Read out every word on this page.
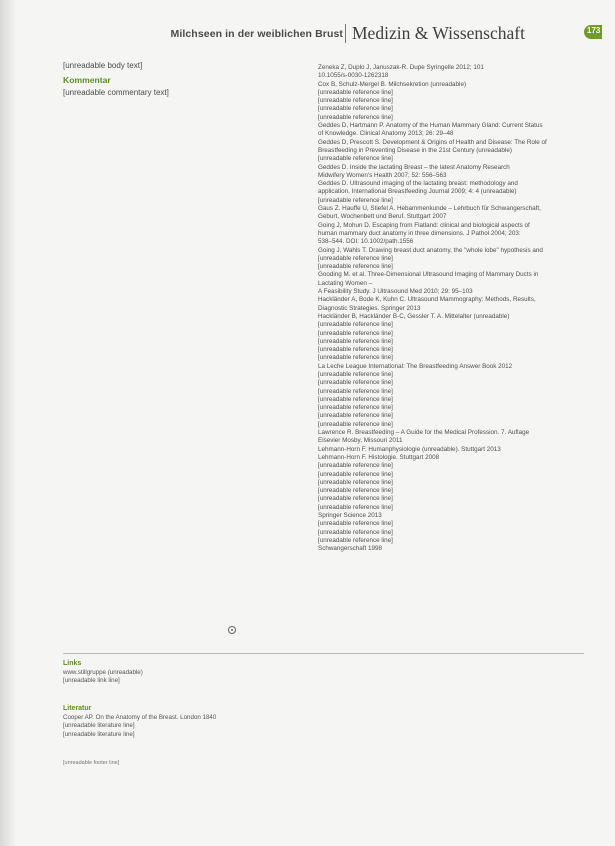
Milchseen in der weiblichen Brust Medizin & Wissenschaft	173

[unreadable body text]

Kommentar

[unreadable commentary text]

Zeneka Z, Duplo J, Januszak-R. Dupe Syringelle 2012; 101
10.1055/s-0030-1262318
Cox B, Schulz-Mergel B. Milchsekretion (unreadable)
[unreadable reference line]
[unreadable reference line]
[unreadable reference line]
[unreadable reference line]
Geddes D, Hartmann P. Anatomy of the Human Mammary Gland: Current Status
of Knowledge. Clinical Anatomy 2013; 26: 29–48
Geddes D, Prescott S. Development & Origins of Health and Disease: The Role of
Breastfeeding in Preventing Disease in the 21st Century (unreadable)
[unreadable reference line]
Geddes D. Inside the lactating Breast – the latest Anatomy Research
Midwifery Women's Health 2007; 52: 556–563
Geddes D. Ultrasound imaging of the lactating breast: methodology and
application. International Breastfeeding Journal 2009; 4: 4 (unreadable)
[unreadable reference line]
Gaus Z. Hauffe U, Stiefel A. Hebammenkunde – Lehrbuch für Schwangerschaft,
Geburt, Wochenbett und Beruf. Stuttgart 2007
Going J, Mohun D. Escaping from Flatland: clinical and biological aspects of
human mammary duct anatomy in three dimensions. J Pathol 2004; 203:
538–544. DOI: 10.1002/path.1556
Going J, Wahls T. Drawing breast duct anatomy, the "whole lobe" hypothesis and
[unreadable reference line]
[unreadable reference line]
Gooding M. et al. Three-Dimensional Ultrasound Imaging of Mammary Ducts in
Lactating Women –
A Feasibility Study. J Ultrasound Med 2010; 29: 95–103
Hackländer A, Bode K, Kuhn C. Ultrasound Mammography: Methods, Results,
Diagnostic Strategies. Springer 2013
Hackländer B, Hackländer B-C, Gessler T. A. Mittelalter (unreadable)
[unreadable reference line]
[unreadable reference line]
[unreadable reference line]
[unreadable reference line]
[unreadable reference line]
La Leche League International: The Breastfeeding Answer Book 2012
[unreadable reference line]
[unreadable reference line]
[unreadable reference line]
[unreadable reference line]
[unreadable reference line]
[unreadable reference line]
[unreadable reference line]
Lawrence R. Breastfeeding – A Guide for the Medical Profession. 7. Auflage
Elsevier Mosby, Missouri 2011
Lehmann-Horn F. Humanphysiologie (unreadable). Stuttgart 2013
Lehmann-Horn F. Histologie. Stuttgart 2008
[unreadable reference line]
[unreadable reference line]
[unreadable reference line]
[unreadable reference line]
[unreadable reference line]
[unreadable reference line]
Springer Science 2013
[unreadable reference line]
[unreadable reference line]
[unreadable reference line]
Schwangerschaft 1998
Links
www.stillgruppe (unreadable)
[unreadable link line]
Literatur
Cooper AP. On the Anatomy of the Breast. London 1840
[unreadable literature line]
[unreadable literature line]
[unreadable footer line]
